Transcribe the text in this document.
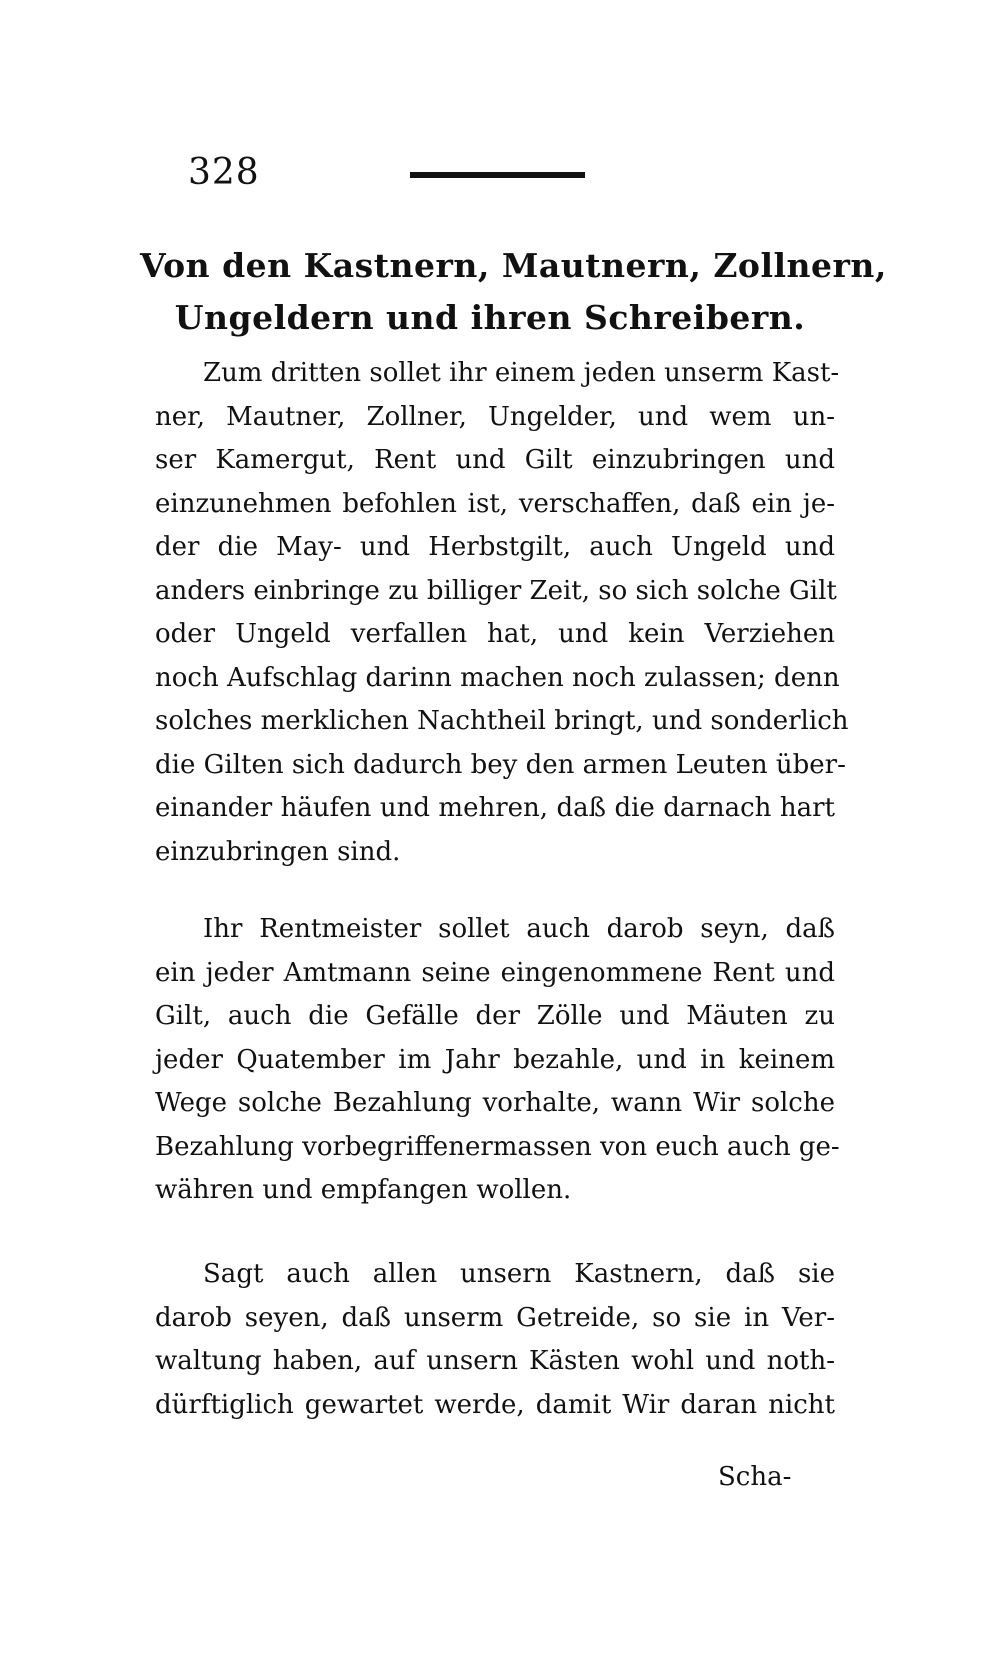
328
Von den Kastnern, Mautnern, Zollnern,
Ungeldern und ihren Schreibern.
Zum dritten sollet ihr einem jeden unserm Kast-
ner, Mautner, Zollner, Ungelder, und wem un-
ser Kamergut, Rent und Gilt einzubringen und
einzunehmen befohlen ist, verschaffen, daß ein je-
der die May- und Herbstgilt, auch Ungeld und
anders einbringe zu billiger Zeit, so sich solche Gilt
oder Ungeld verfallen hat, und kein Verziehen
noch Aufschlag darinn machen noch zulassen; denn
solches merklichen Nachtheil bringt, und sonderlich
die Gilten sich dadurch bey den armen Leuten über-
einander häufen und mehren, daß die darnach hart
einzubringen sind.
Ihr Rentmeister sollet auch darob seyn, daß
ein jeder Amtmann seine eingenommene Rent und
Gilt, auch die Gefälle der Zölle und Mäuten zu
jeder Quatember im Jahr bezahle, und in keinem
Wege solche Bezahlung vorhalte, wann Wir solche
Bezahlung vorbegriffenermassen von euch auch ge-
währen und empfangen wollen.
Sagt auch allen unsern Kastnern, daß sie
darob seyen, daß unserm Getreide, so sie in Ver-
waltung haben, auf unsern Kästen wohl und noth-
dürftiglich gewartet werde, damit Wir daran nicht
Scha-
